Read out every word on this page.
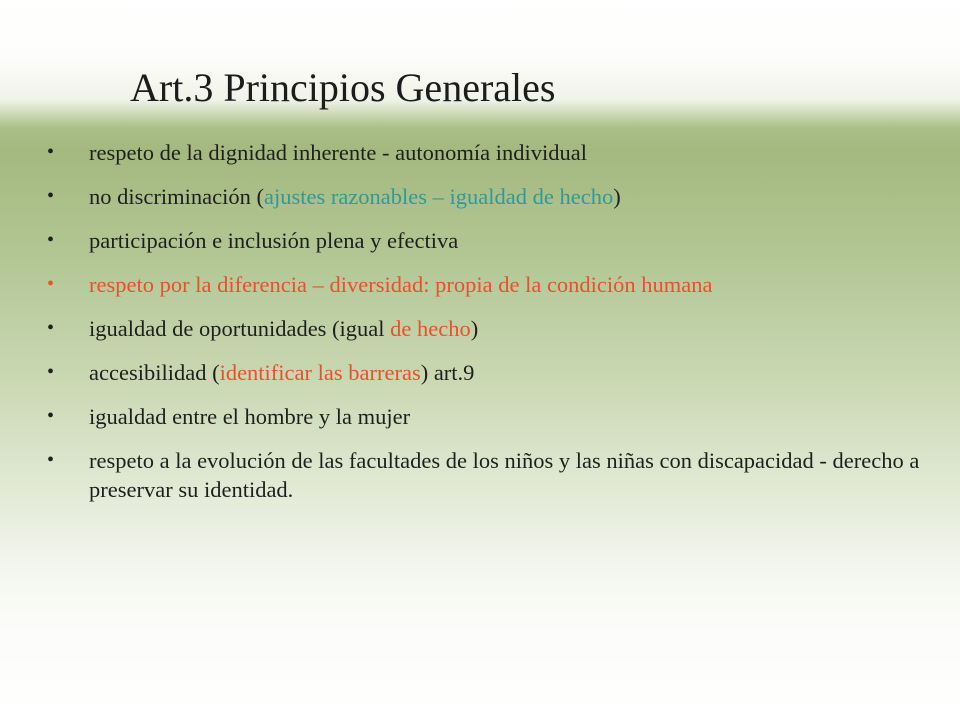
Art.3 Principios Generales
• respeto de la dignidad inherente - autonomía individual
• no discriminación (ajustes razonables – igualdad de hecho)
• participación e inclusión plena y efectiva
• respeto por la diferencia – diversidad: propia de la condición humana
• igualdad de oportunidades (igual de hecho)
• accesibilidad (identificar las barreras) art.9
• igualdad entre el hombre y la mujer
• respeto a la evolución de las facultades de los niños y las niñas con discapacidad - derecho a preservar su identidad.
